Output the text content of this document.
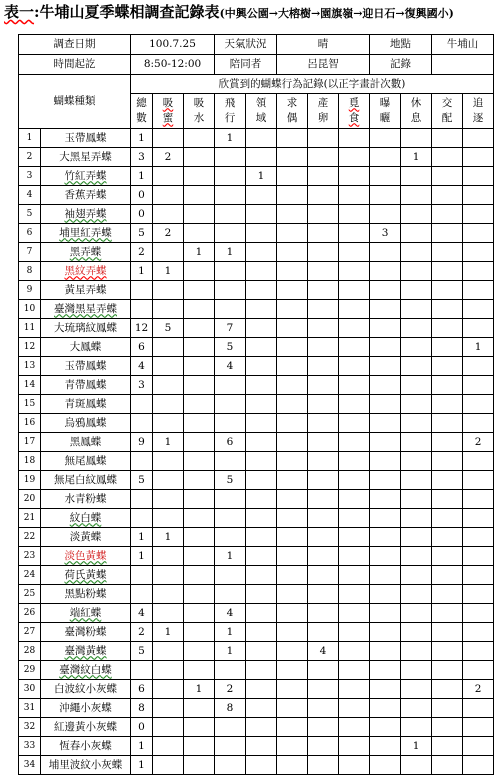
表一:牛埔山夏季蝶相調查記錄表(中興公園→大榕樹→園旗嶺→迎日石→復興國小)
調查日期		100.7.25			天氣狀況		晴			地點		牛埔山	
時間起訖		8:50-12:00			陪同者		呂昆智			記錄			
蝴蝶種類		欣賞到的蝴蝶行為記錄(以正字畫計次數)											
		總數	吸蜜	吸水	飛行	領域	求偶	產卵	覓食	曝曬	休息	交配	追逐
1	玉帶鳳蝶	1			1								
2	大黑星弄蝶	3	2								1		
3	竹紅弄蝶	1				1							
4	香蕉弄蝶	0											
5	袖翅弄蝶	0											
6	埔里紅弄蝶	5	2							3			
7	黑弄蝶	2		1	1								
8	黑紋弄蝶	1	1										
9	黃星弄蝶												
10	臺灣黑星弄蝶												
11	大琉璃紋鳳蝶	12	5		7								
12	大鳳蝶	6			5								1
13	玉帶鳳蝶	4			4								
14	青帶鳳蝶	3											
15	青斑鳳蝶												
16	烏鴉鳳蝶												
17	黑鳳蝶	9	1		6								2
18	無尾鳳蝶												
19	無尾白紋鳳蝶	5			5								
20	水青粉蝶												
21	紋白蝶												
22	淡黃蝶	1	1										
23	淡色黃蝶	1			1								
24	荷氏黃蝶												
25	黑點粉蝶												
26	端紅蝶	4			4								
27	臺灣粉蝶	2	1		1								
28	臺灣黃蝶	5			1			4					
29	臺灣紋白蝶												
30	白波紋小灰蝶	6		1	2								2
31	沖繩小灰蝶	8			8								
32	紅邊黃小灰蝶	0											
33	恆春小灰蝶	1									1		
34	埔里波紋小灰蝶	1											
